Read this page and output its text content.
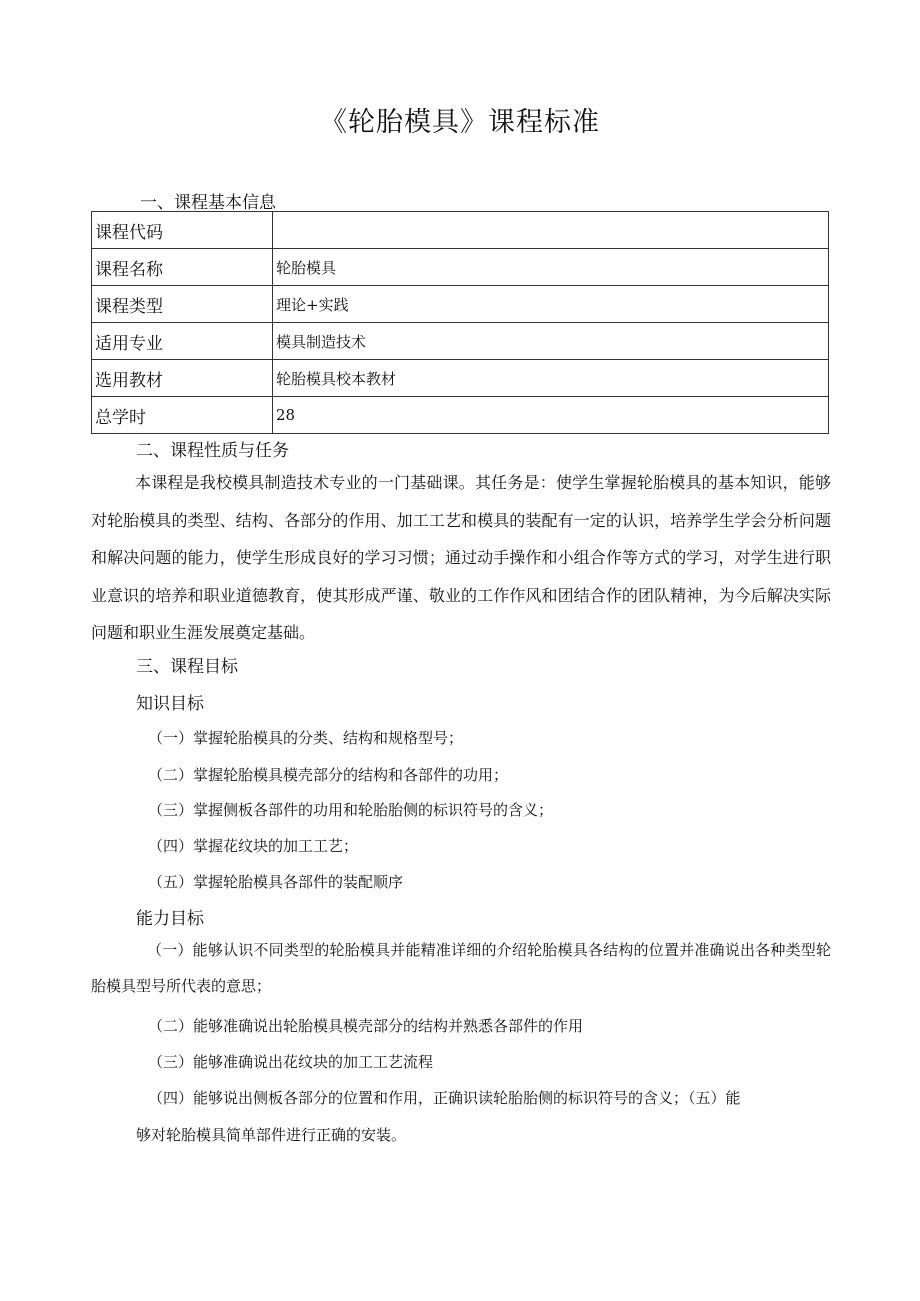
《轮胎模具》课程标准
一、课程基本信息
课程代码	
课程名称	轮胎模具
课程类型	理论+实践
适用专业	模具制造技术
选用教材	轮胎模具校本教材
总学时	28
二、课程性质与任务

本课程是我校模具制造技术专业的一门基础课。其任务是：使学生掌握轮胎模具的基本知识，能够对轮胎模具的类型、结构、各部分的作用、加工工艺和模具的装配有一定的认识，培养学生学会分析问题和解决问题的能力，使学生形成良好的学习习惯；通过动手操作和小组合作等方式的学习，对学生进行职业意识的培养和职业道德教育，使其形成严谨、敬业的工作作风和团结合作的团队精神，为今后解决实际问题和职业生涯发展奠定基础。

三、课程目标
知识目标
（一）掌握轮胎模具的分类、结构和规格型号；
（二）掌握轮胎模具模壳部分的结构和各部件的功用；
（三）掌握侧板各部件的功用和轮胎胎侧的标识符号的含义；
（四）掌握花纹块的加工工艺；
（五）掌握轮胎模具各部件的装配顺序
能力目标

（一）能够认识不同类型的轮胎模具并能精准详细的介绍轮胎模具各结构的位置并准确说出各种类型轮胎模具型号所代表的意思；

（二）能够准确说出轮胎模具模壳部分的结构并熟悉各部件的作用
（三）能够准确说出花纹块的加工工艺流程
（四）能够说出侧板各部分的位置和作用，正确识读轮胎胎侧的标识符号的含义；（五）能
够对轮胎模具简单部件进行正确的安装。
